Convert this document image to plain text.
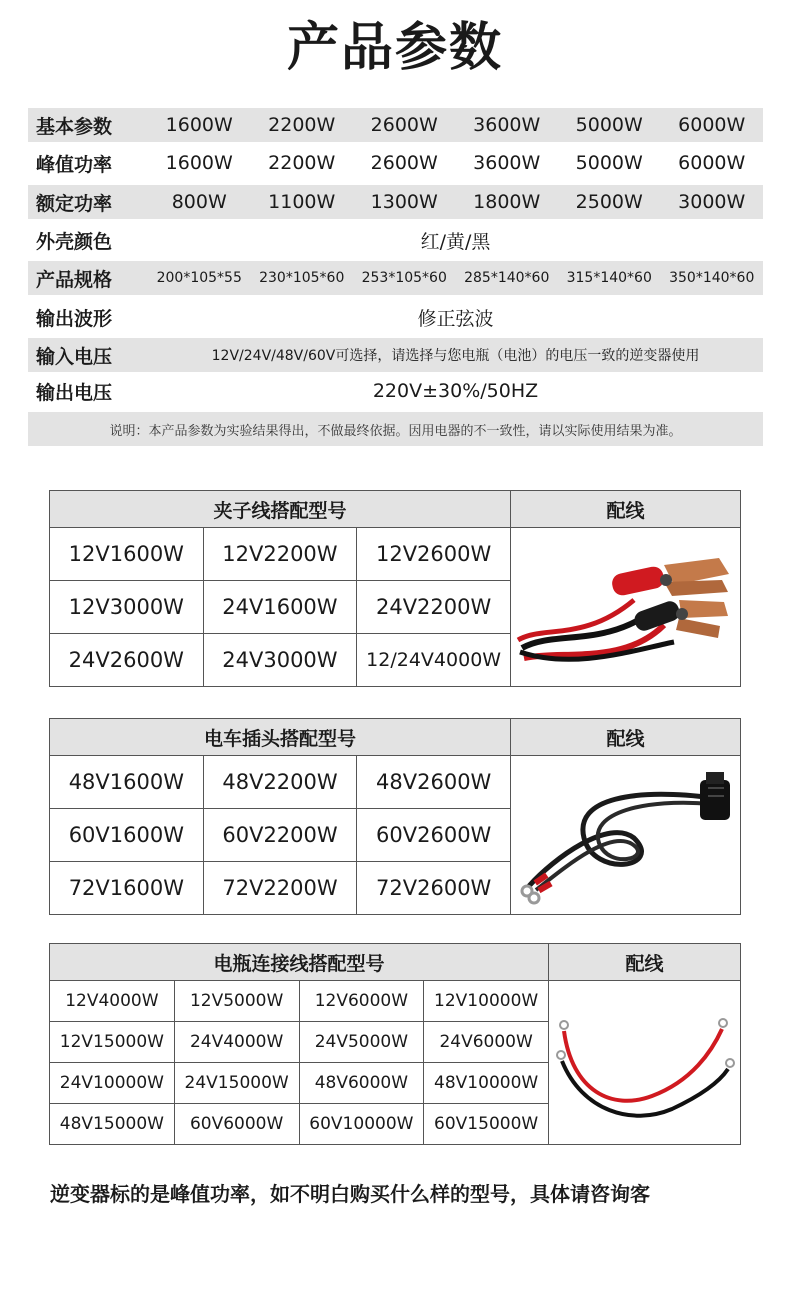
产品参数
基本参数	1600W	2200W	2600W	3600W	5000W	6000W
峰值功率	1600W	2200W	2600W	3600W	5000W	6000W
额定功率	800W	1100W	1300W	1800W	2500W	3000W
外壳颜色	红/黄/黑
产品规格	200*105*55	230*105*60	253*105*60	285*140*60	315*140*60	350*140*60
输出波形	修正弦波
输入电压	12V/24V/48V/60V可选择，请选择与您电瓶（电池）的电压一致的逆变器使用
输出电压	220V±30%/50HZ
说明：本产品参数为实验结果得出，不做最终依据。因用电器的不一致性，请以实际使用结果为准。
夹子线搭配型号			配线
12V1600W	12V2200W	12V2600W	
12V3000W	24V1600W	24V2200W	
24V2600W	24V3000W	12/24V4000W	
电车插头搭配型号			配线
48V1600W	48V2200W	48V2600W	
60V1600W	60V2200W	60V2600W	
72V1600W	72V2200W	72V2600W	
电瓶连接线搭配型号				配线
12V4000W	12V5000W	12V6000W	12V10000W	
12V15000W	24V4000W	24V5000W	24V6000W	
24V10000W	24V15000W	48V6000W	48V10000W	
48V15000W	60V6000W	60V10000W	60V15000W	
逆变器标的是峰值功率，如不明白购买什么样的型号，具体请咨询客
